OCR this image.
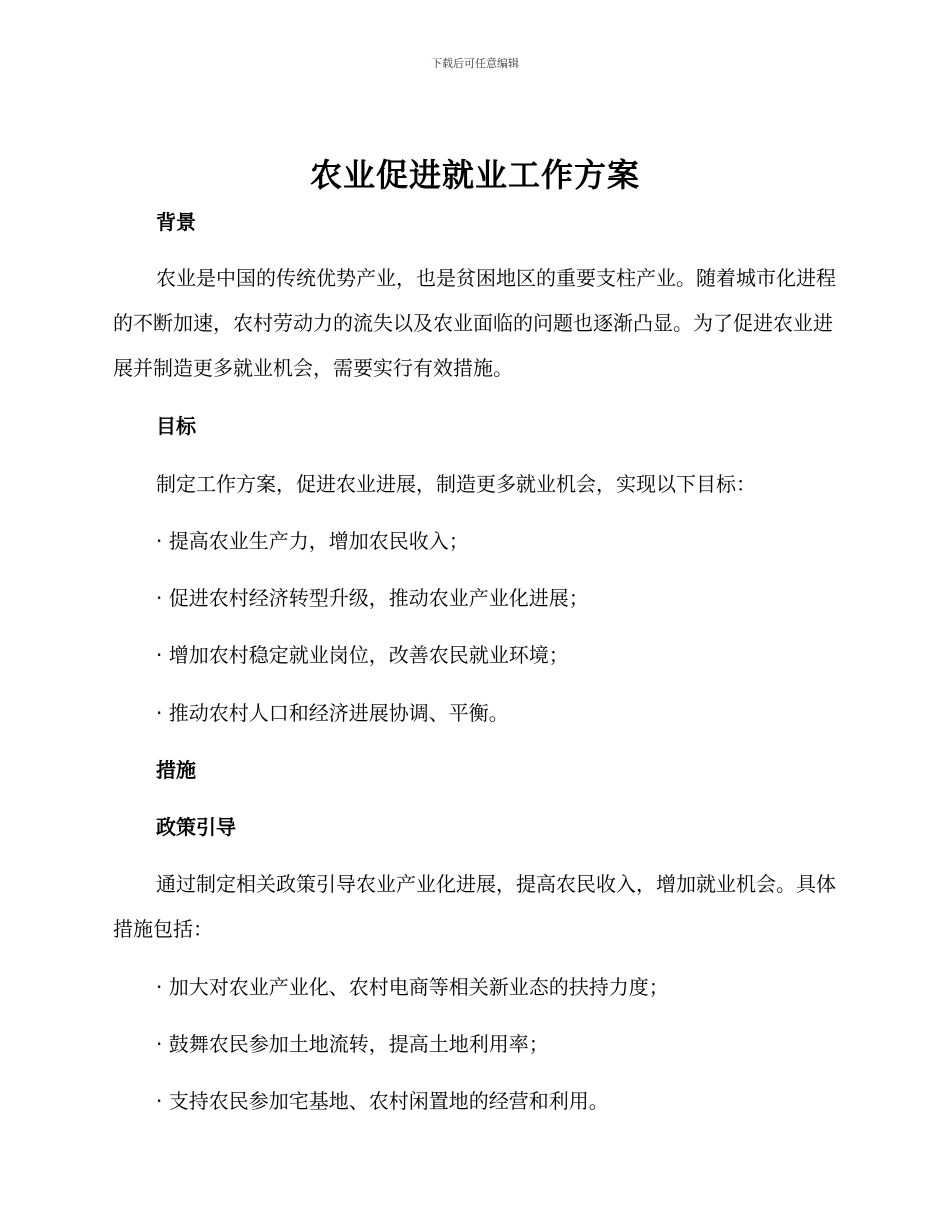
下载后可任意编辑
农业促进就业工作方案
背景

农业是中国的传统优势产业，也是贫困地区的重要支柱产业。随着城市化进程的不断加速，农村劳动力的流失以及农业面临的问题也逐渐凸显。为了促进农业进展并制造更多就业机会，需要实行有效措施。

目标

制定工作方案，促进农业进展，制造更多就业机会，实现以下目标：

· 提高农业生产力，增加农民收入；

· 促进农村经济转型升级，推动农业产业化进展；

· 增加农村稳定就业岗位，改善农民就业环境；

· 推动农村人口和经济进展协调、平衡。

措施
政策引导

通过制定相关政策引导农业产业化进展，提高农民收入，增加就业机会。具体措施包括：

· 加大对农业产业化、农村电商等相关新业态的扶持力度；

· 鼓舞农民参加土地流转，提高土地利用率；

· 支持农民参加宅基地、农村闲置地的经营和利用。
